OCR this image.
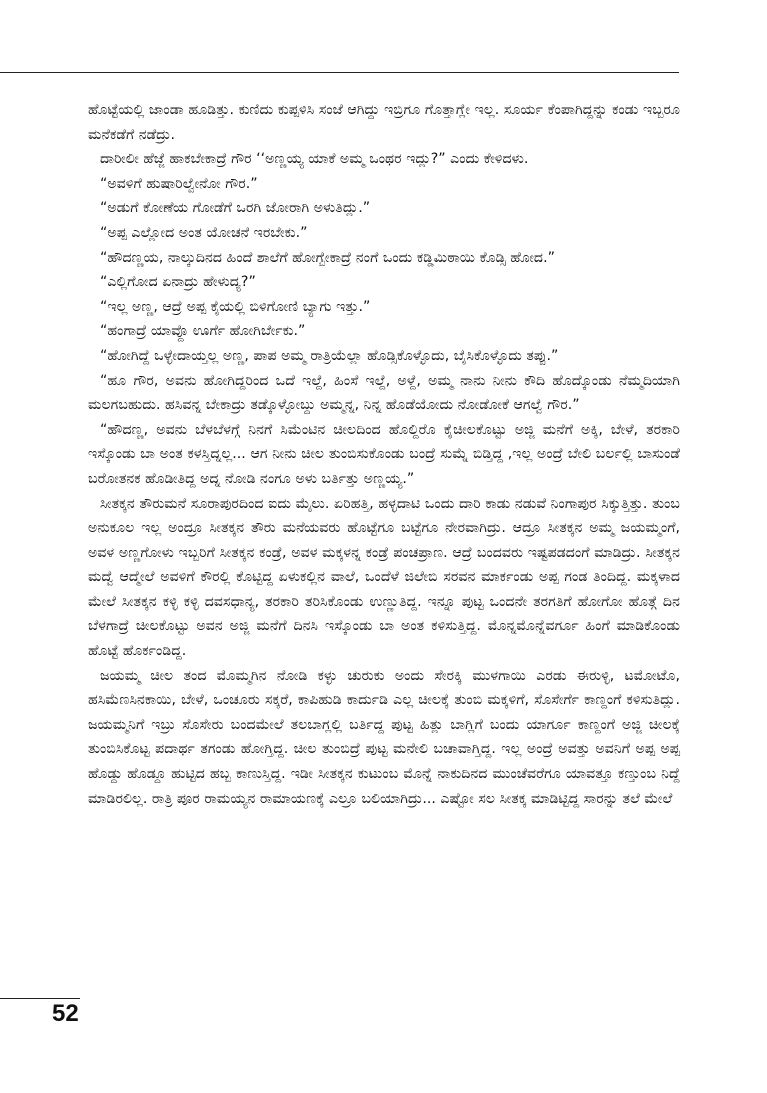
ಹೊಟ್ಟೆಯಲ್ಲಿ ಜಾಂಡಾ ಹೂಡಿತ್ತು. ಕುಣಿದು ಕುಪ್ಪಳಿಸಿ ಸಂಜೆ ಆಗಿದ್ದು ಇಬ್ರಿಗೂ ಗೊತ್ತಾಗ್ಲೇ ಇಲ್ಲ. ಸೂರ್ಯ ಕೆಂಪಾಗಿದ್ದನ್ನು ಕಂಡು ಇಬ್ಬರೂ ಮನೆಕಡೆಗೆ ನಡೆದ್ರು.

ದಾರೀಲೀ ಹೆಜ್ಜೆ ಹಾಕಬೇಕಾದ್ರೆ ಗೌರ ‘‘ಅಣ್ಣಯ್ಯ ಯಾಕೆ ಅಮ್ಮ ಒಂಥರ ಇದ್ಲು?” ಎಂದು ಕೇಳಿದಳು.

“ಅವಳಿಗೆ ಹುಷಾರಿಲ್ವೇನೋ ಗೌರ.”

“ಅಡುಗೆ ಕೋಣೆಯ ಗೋಡೆಗೆ ಒರಗಿ ಜೋರಾಗಿ ಅಳುತಿದ್ಲು.”

“ಅಪ್ಪ ಎಲ್ಲೋದ ಅಂತ ಯೋಚನೆ ಇರಬೇಕು.”

“ಹೌದಣ್ಣಯ, ನಾಲ್ಕುದಿನದ ಹಿಂದೆ ಶಾಲೆಗೆ ಹೋಗ್ಬೇಕಾದ್ರೆ ನಂಗೆ ಒಂದು ಕಡ್ಡಿಮಿಠಾಯಿ ಕೊಡ್ಸಿ ಹೋದ.”

“ಎಲ್ಲಿಗೋದ ಏನಾದ್ರು ಹೇಳುದ್ಯ?”

“ಇಲ್ಲ ಅಣ್ಣ, ಆದ್ರೆ ಅಪ್ಪ ಕೈಯಲ್ಲಿ ಬಿಳಿಗೋಣಿ ಬ್ಯಾಗು ಇತ್ತು.”

“ಹಂಗಾದ್ರೆ ಯಾವ್ದೊ ಊರ್ಗೆ ಹೋಗಿರ್ಬೇಕು.”

“ಹೋಗಿದ್ದೆ ಒಳ್ಳೇದಾಯ್ತಲ್ಲ ಅಣ್ಣ, ಪಾಪ ಅಮ್ಮ ರಾತ್ರಿಯೆಲ್ಲಾ ಹೊಡ್ಸಿಕೊಳ್ಳೊದು, ಬೈಸಿಕೊಳ್ಳೊದು ತಪ್ಪು.”

“ಹೂ ಗೌರ, ಅವನು ಹೋಗಿದ್ದರಿಂದ ಒದೆ ಇಲ್ದೆ, ಹಿಂಸೆ ಇಲ್ದೆ, ಅಳ್ದೆ, ಅಮ್ಮ ನಾನು ನೀನು ಕೌದಿ ಹೊದ್ಕೊಂಡು ನೆಮ್ಮದಿಯಾಗಿ ಮಲಗಬಹುದು. ಹಸಿವನ್ನ ಬೇಕಾದ್ರು ತಡ್ಕೊಳ್ಳೋಬ್ದು ಅಮ್ಮನ್ನ, ನಿನ್ನ ಹೊಡೆಯೋದು ನೋಡೋಕೆ ಆಗಲ್ವೆ ಗೌರ.”

“ಹೌದಣ್ಣ, ಅವನು ಬೆಳಬೆಳಗ್ಗೆ ನಿನಗೆ ಸಿಮೆಂಟಿನ ಚೀಲದಿಂದ ಹೊಲ್ದಿರೊ ಕೈಚೀಲಕೊಟ್ಟು ಅಜ್ಜಿ ಮನೆಗೆ ಅಕ್ಕಿ, ಬೇಳೆ, ತರಕಾರಿ ಇಸ್ಕೊಂಡು ಬಾ ಅಂತ ಕಳಸ್ತಿದ್ನಲ್ಲ... ಆಗ ನೀನು ಚೀಲ ತುಂಬಿಸುಕೊಂಡು ಬಂದ್ರೆ ಸುಮ್ನೆ ಬಿಡ್ತಿದ್ದ ,ಇಲ್ಲ ಅಂದ್ರೆ ಬೇಲಿ ಬರ್ಲಲ್ಲಿ ಬಾಸುಂಡೆ ಬರೋತನಕ ಹೊಡೀತಿದ್ದ ಅದ್ನ ನೋಡಿ ನಂಗೂ ಅಳು ಬರ್ತಿತ್ತು ಅಣ್ಣಯ್ಯ.”

ಸೀತಕ್ಕನ ತೌರುಮನೆ ಸೂರಾಪುರದಿಂದ ಐದು ಮೈಲು. ಏರಿಹತ್ತಿ, ಹಳ್ಳದಾಟಿ ಒಂದು ದಾರಿ ಕಾಡು ನಡುವೆ ನಿಂಗಾಪುರ ಸಿಕ್ಕುತ್ತಿತ್ತು. ತುಂಬ ಅನುಕೂಲ ಇಲ್ಲ ಅಂದ್ರೂ ಸೀತಕ್ಕನ ತೌರು ಮನೆಯವರು ಹೊಟ್ಟೆಗೂ ಬಟ್ಟೆಗೂ ನೇರವಾಗಿದ್ರು. ಆದ್ರೂ ಸೀತಕ್ಕನ ಅಮ್ಮ ಜಯಮ್ಮಂಗೆ, ಅವಳ ಅಣ್ಣಗೋಳು ಇಬ್ಬರಿಗೆ ಸೀತಕ್ಕನ ಕಂಡ್ರೆ, ಅವಳ ಮಕ್ಕಳನ್ನ ಕಂಡ್ರೆ ಪಂಚಪ್ರಾಣ. ಆದ್ರೆ ಬಂದವರು ಇಷ್ಟಪಡದಂಗೆ ಮಾಡಿದ್ರು. ಸೀತಕ್ಕನ ಮದ್ವೆ ಆದ್ಮೇಲೆ ಅವಳಿಗೆ ಕೌರಲ್ಲಿ ಕೊಟ್ಟಿದ್ದ ಏಳುಕಲ್ಲಿನ ವಾಲೆ, ಒಂದೆಳೆ ಜಿಲೇಬಿ ಸರವನ ಮಾರ್ಕಂಡು ಅಪ್ಪ ಗಂಡ ತಿಂದಿದ್ದ. ಮಕ್ಕಳಾದ ಮೇಲೆ ಸೀತಕ್ಕನ ಕಳ್ಳಿ ಕಳ್ಳಿ ದವಸಧಾನ್ಯ, ತರಕಾರಿ ತರಿಸಿಕೊಂಡು ಉಣ್ಣುತಿದ್ದ. ಇನ್ನೂ ಪುಟ್ಟ ಒಂದನೇ ತರಗತಿಗೆ ಹೋಗೋ ಹೊತ್ಗೆ ದಿನ ಬೆಳಗಾದ್ರೆ ಚೀಲಕೊಟ್ಟು ಅವನ ಅಜ್ಜಿ ಮನೆಗೆ ದಿನಸಿ ಇಸ್ಕೊಂಡು ಬಾ ಅಂತ ಕಳಿಸುತ್ತಿದ್ದ. ಮೊನ್ನಮೊನ್ನೆವರ್ಗೂ ಹಿಂಗೆ ಮಾಡಿಕೊಂಡು ಹೊಟ್ಟೆ ಹೊರ್ಕಂಡಿದ್ದ.

ಜಯಮ್ಮ ಚೀಲ ತಂದ ಮೊಮ್ಮಗಿನ ನೋಡಿ ಕಳ್ಳು ಚುರುಕು ಅಂದು ಸೇರಕ್ಕಿ ಮುಳಗಾಯಿ ಎರಡು ಈರುಳ್ಳಿ, ಟಮೋಟೊ, ಹಸಿಮೆಣಸಿನಕಾಯಿ, ಬೇಳೆ, ಒಂಚೂರು ಸಕ್ಕರೆ, ಕಾಪಿಹುಡಿ ಕಾರ್ದುಡಿ ಎಲ್ಲ ಚೀಲಕ್ಕೆ ತುಂಬಿ ಮಕ್ಕಳಿಗೆ, ಸೊಸೇರ್ಗೆ ಕಾಣ್ದಂಗೆ ಕಳಿಸುತಿದ್ಲು. ಜಯಮ್ಮನಿಗೆ ಇಬ್ರು ಸೊಸೇರು ಬಂದಮೇಲೆ ತಲಬಾಗ್ಲಲ್ಲಿ ಬರ್ತಿದ್ದ ಪುಟ್ಟ ಹಿತ್ಲು ಬಾಗ್ಲಿಗೆ ಬಂದು ಯಾರ್ಗೂ ಕಾಣ್ದಂಗೆ ಅಜ್ಜಿ ಚೀಲಕ್ಕೆ ತುಂಬಿಸಿಕೊಟ್ಟ ಪದಾರ್ಥ ತಗಂಡು ಹೋಗ್ತಿದ್ದ. ಚೀಲ ತುಂಬಿದ್ರೆ ಪುಟ್ಟ ಮನೇಲಿ ಬಚಾವಾಗ್ತಿದ್ದ. ಇಲ್ಲ ಅಂದ್ರೆ ಅವತ್ತು ಅವನಿಗೆ ಅಪ್ಪ ಅಪ್ಪ ಹೊಡ್ದು ಹೊಡ್ದೂ ಹುಟ್ಟಿದ ಹಬ್ಬ ಕಾಣುಸ್ತಿದ್ದ. ಇಡೀ ಸೀತಕ್ಕನ ಕುಟುಂಬ ಮೊನ್ನೆ ನಾಕುದಿನದ ಮುಂಚೆವರೆಗೂ ಯಾವತ್ತೂ ಕಣ್ತುಂಬ ನಿದ್ದೆ ಮಾಡಿರಲಿಲ್ಲ. ರಾತ್ರಿ ಪೂರ ರಾಮಯ್ಯನ ರಾಮಾಯಣಕ್ಕೆ ಎಲ್ರೂ ಬಲಿಯಾಗಿದ್ರು... ಎಷ್ಟೋ ಸಲ ಸೀತಕ್ಕ ಮಾಡಿಟ್ಟಿದ್ದ ಸಾರನ್ನು ತಲೆ ಮೇಲೆ

52
